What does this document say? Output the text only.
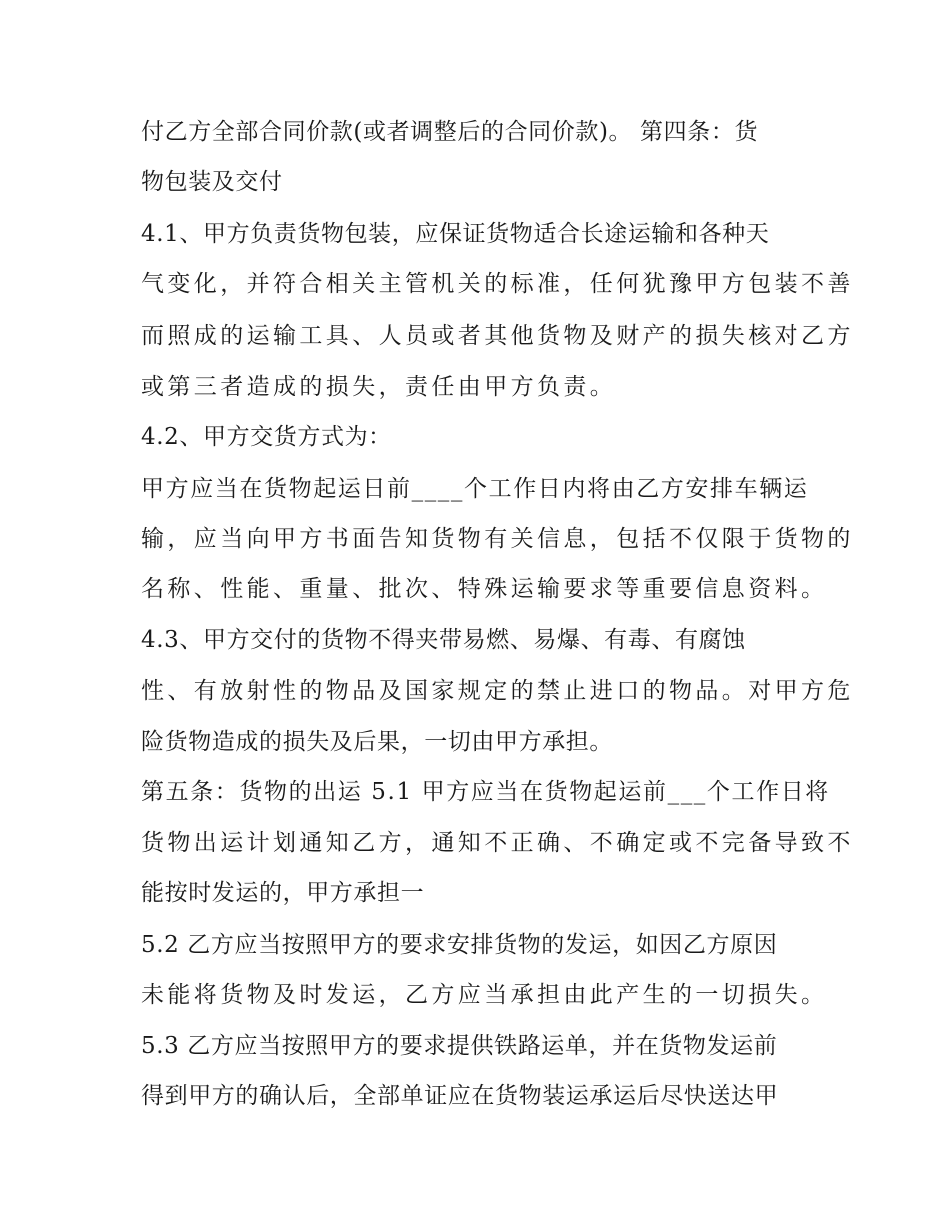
付乙方全部合同价款(或者调整后的合同价款)。 第四条：货
物包装及交付
4.1、甲方负责货物包装，应保证货物适合长途运输和各种天
气变化，并符合相关主管机关的标准，任何犹豫甲方包装不善
而照成的运输工具、人员或者其他货物及财产的损失核对乙方
或第三者造成的损失，责任由甲方负责。
4.2、甲方交货方式为：
甲方应当在货物起运日前____个工作日内将由乙方安排车辆运
输，应当向甲方书面告知货物有关信息，包括不仅限于货物的
名称、性能、重量、批次、特殊运输要求等重要信息资料。
4.3、甲方交付的货物不得夹带易燃、易爆、有毒、有腐蚀
性、有放射性的物品及国家规定的禁止进口的物品。对甲方危
险货物造成的损失及后果，一切由甲方承担。
第五条：货物的出运 5.1 甲方应当在货物起运前___个工作日将
货物出运计划通知乙方，通知不正确、不确定或不完备导致不
能按时发运的，甲方承担一
5.2 乙方应当按照甲方的要求安排货物的发运，如因乙方原因
未能将货物及时发运，乙方应当承担由此产生的一切损失。
5.3 乙方应当按照甲方的要求提供铁路运单，并在货物发运前
得到甲方的确认后，全部单证应在货物装运承运后尽快送达甲
